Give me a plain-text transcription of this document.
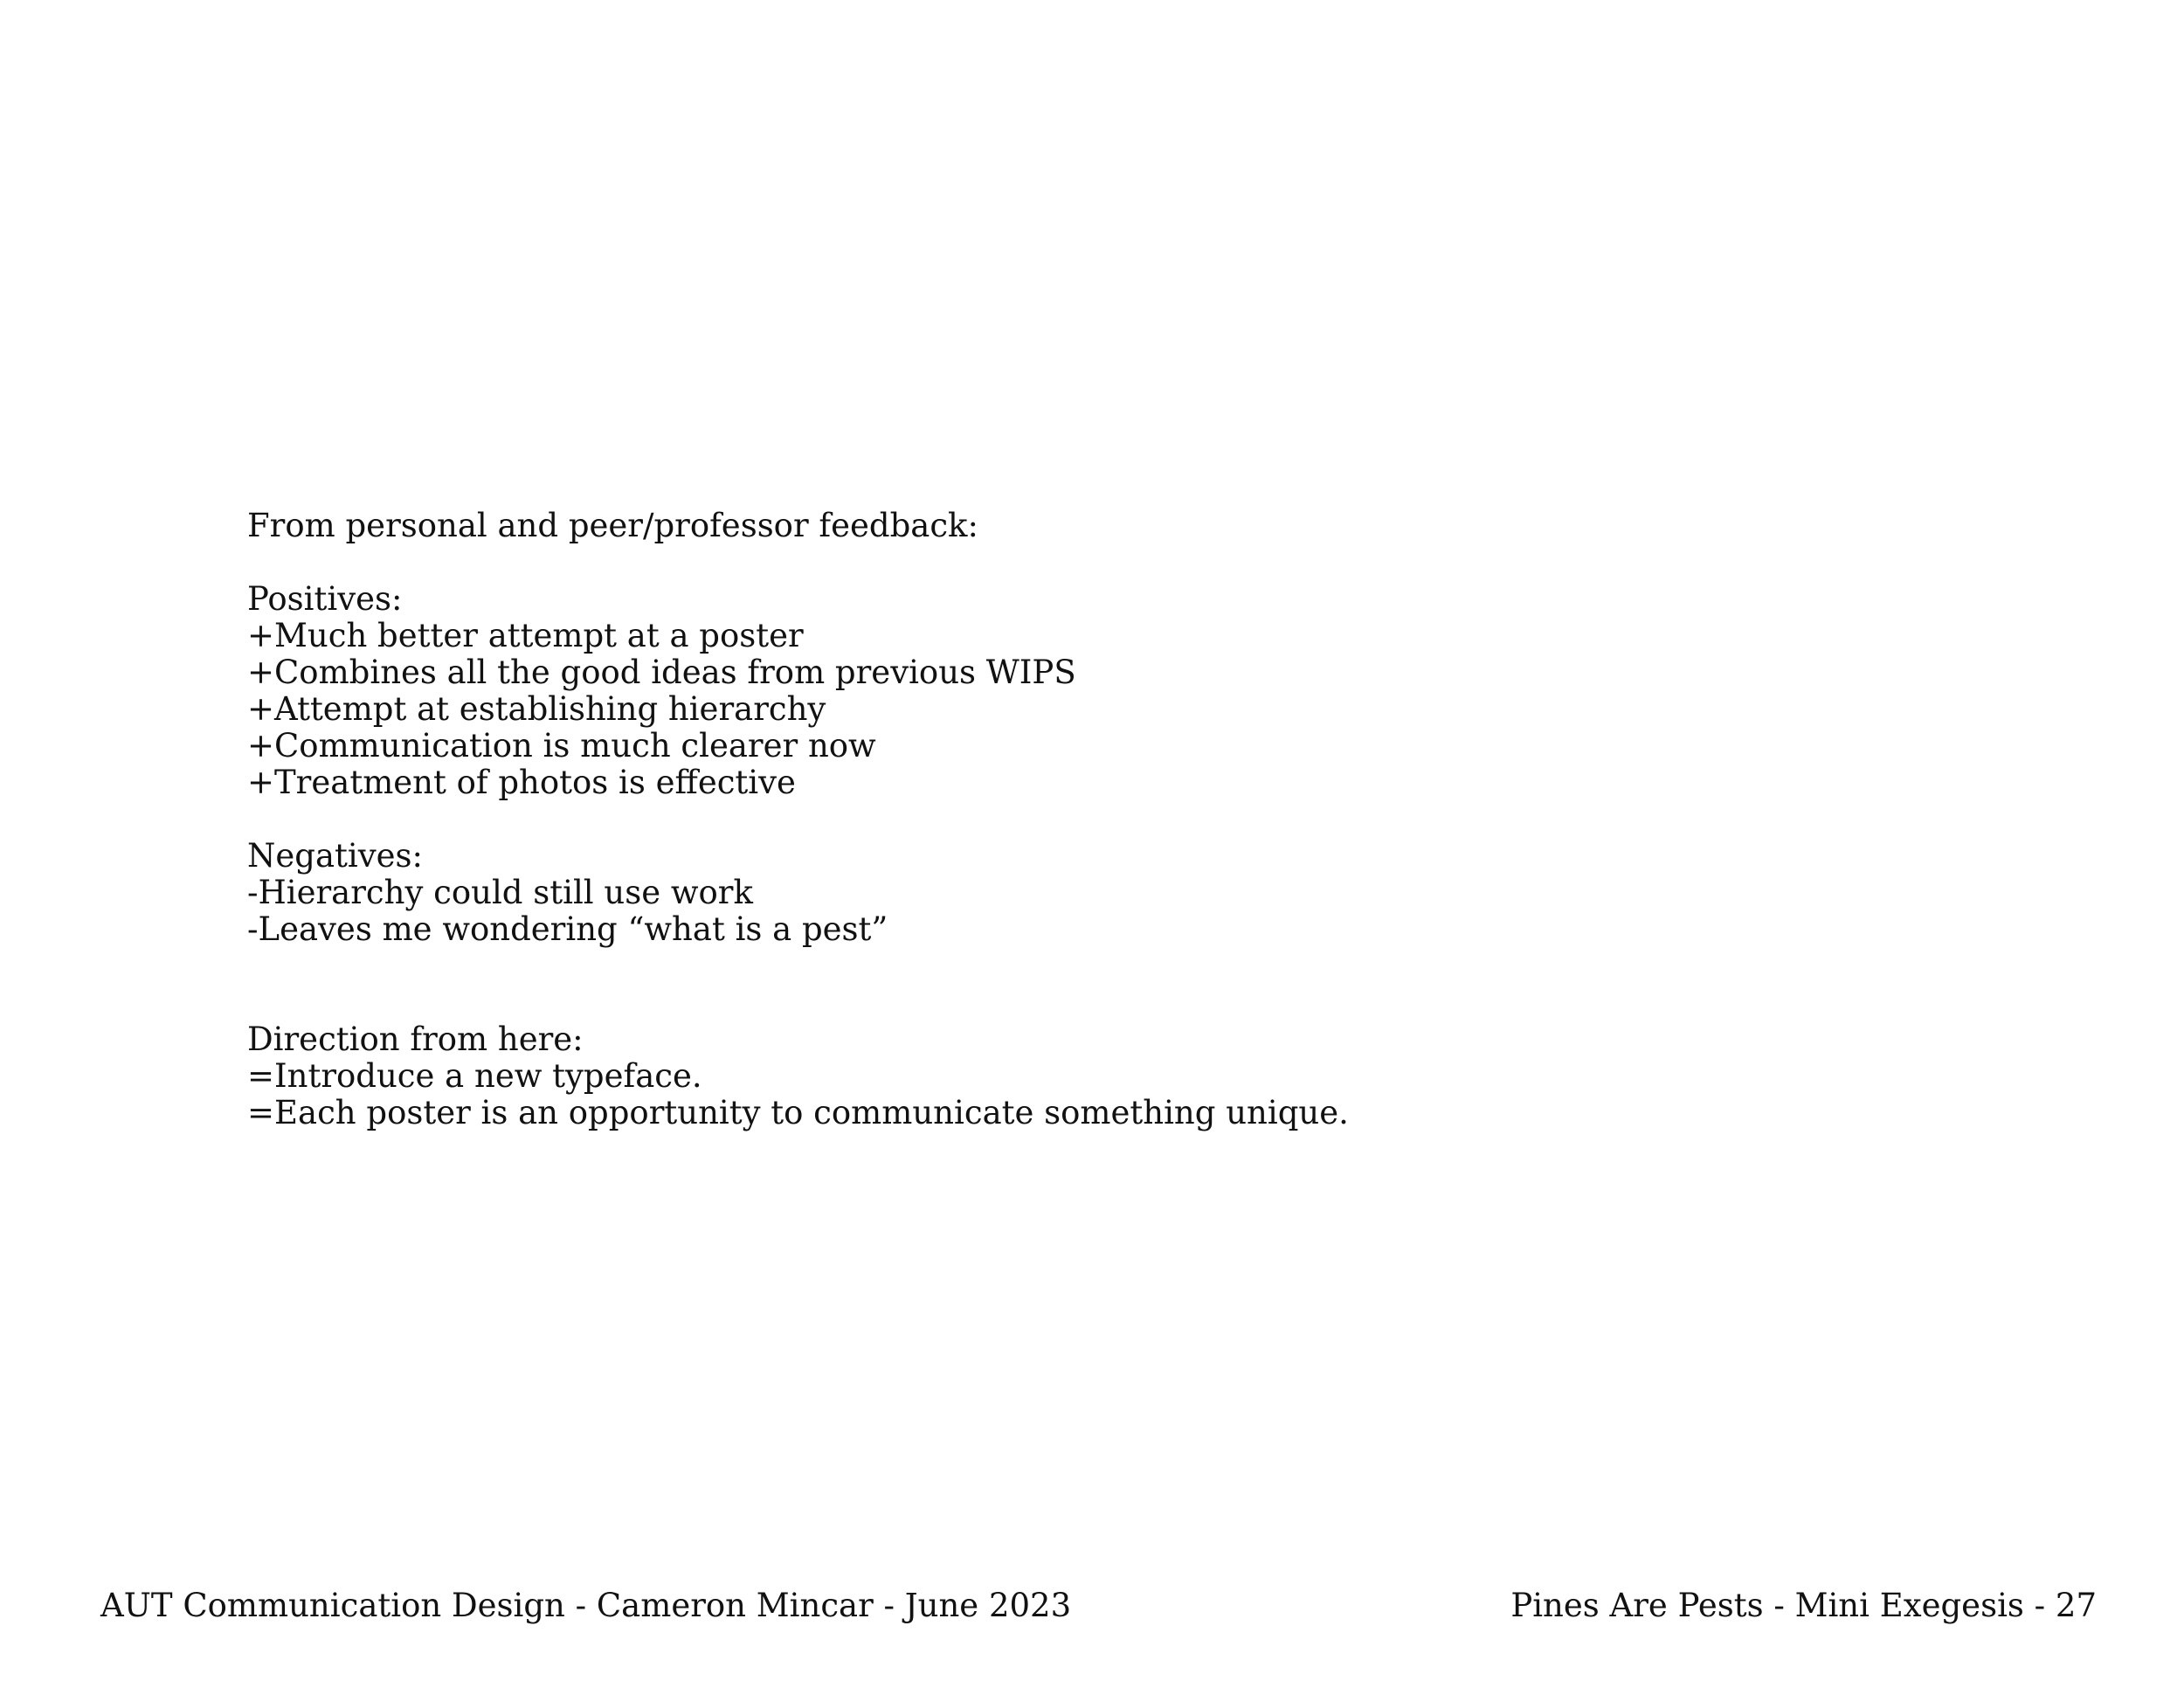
From personal and peer/professor feedback:
Positives:
+Much better attempt at a poster
+Combines all the good ideas from previous WIPS
+Attempt at establishing hierarchy
+Communication is much clearer now
+Treatment of photos is effective
Negatives:
-Hierarchy could still use work
-Leaves me wondering “what is a pest”
Direction from here:
=Introduce a new typeface.
=Each poster is an opportunity to communicate something unique.
AUT Communication Design - Cameron Mincar - June 2023	Pines Are Pests - Mini Exegesis - 27
